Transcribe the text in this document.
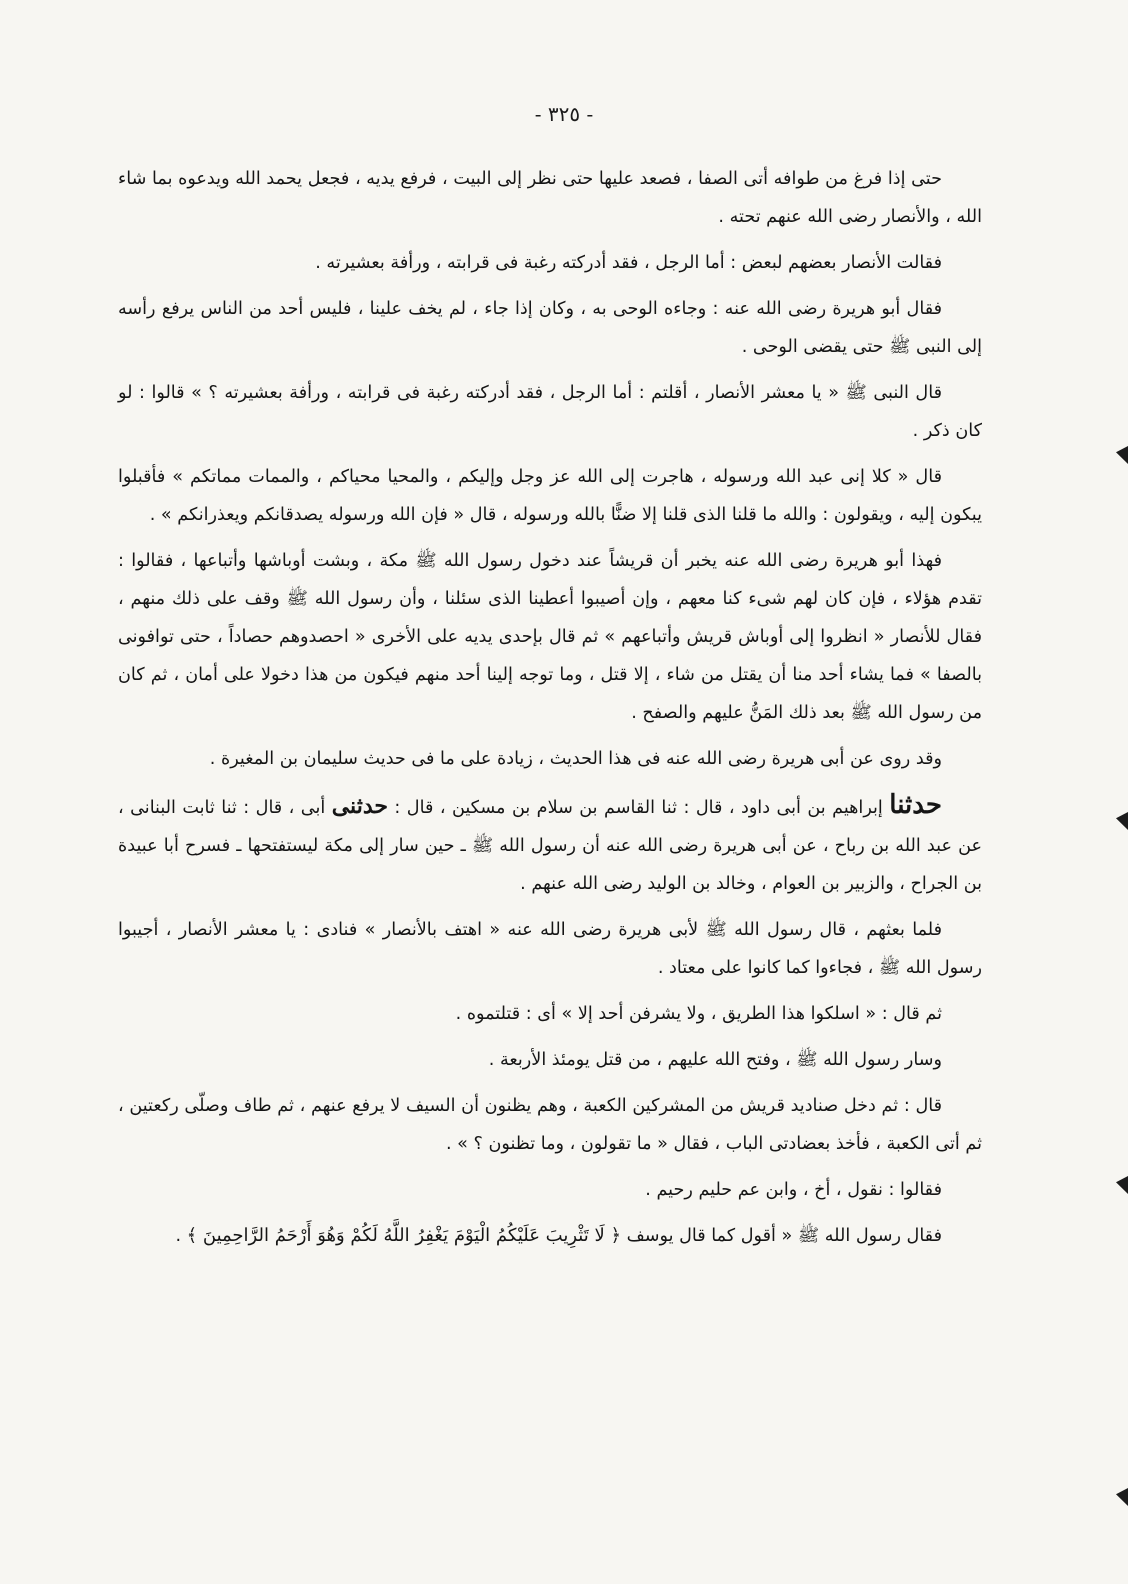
- ٣٢٥ -

حتى إذا فرغ من طوافه أتى الصفا ، فصعد عليها حتى نظر إلى البيت ، فرفع يديه ، فجعل يحمد الله ويدعوه بما شاء الله ، والأنصار رضى الله عنهم تحته .

فقالت الأنصار بعضهم لبعض : أما الرجل ، فقد أدركته رغبة فى قرابته ، ورأفة بعشيرته .

فقال أبو هريرة رضى الله عنه : وجاءه الوحى به ، وكان إذا جاء ، لم يخف علينا ، فليس أحد من الناس يرفع رأسه إلى النبى ﷺ حتى يقضى الوحى .

قال النبى ﷺ « يا معشر الأنصار ، أقلتم : أما الرجل ، فقد أدركته رغبة فى قرابته ، ورأفة بعشيرته ؟ » قالوا : لو كان ذكر .

قال « كلا إنى عبد الله ورسوله ، هاجرت إلى الله عز وجل وإليكم ، والمحيا محياكم ، والممات مماتكم » فأقبلوا يبكون إليه ، ويقولون : والله ما قلنا الذى قلنا إلا ضنًّا بالله ورسوله ، قال « فإن الله ورسوله يصدقانكم ويعذرانكم » .

فهذا أبو هريرة رضى الله عنه يخبر أن قريشاً عند دخول رسول الله ﷺ مكة ، وبشت أوباشها وأتباعها ، فقالوا : تقدم هؤلاء ، فإن كان لهم شىء كنا معهم ، وإن أصيبوا أعطينا الذى سئلنا ، وأن رسول الله ﷺ وقف على ذلك منهم ، فقال للأنصار « انظروا إلى أوباش قريش وأتباعهم » ثم قال بإحدى يديه على الأخرى « احصدوهم حصاداً ، حتى توافونى بالصفا » فما يشاء أحد منا أن يقتل من شاء ، إلا قتل ، وما توجه إلينا أحد منهم فيكون من هذا دخولا على أمان ، ثم كان من رسول الله ﷺ بعد ذلك المَنُّ عليهم والصفح .

وقد روى عن أبى هريرة رضى الله عنه فى هذا الحديث ، زيادة على ما فى حديث سليمان بن المغيرة .

حدثنا إبراهيم بن أبى داود ، قال : ثنا القاسم بن سلام بن مسكين ، قال : حدثنى أبى ، قال : ثنا ثابت البنانى ، عن عبد الله بن رباح ، عن أبى هريرة رضى الله عنه أن رسول الله ﷺ ـ حين سار إلى مكة ليستفتحها ـ فسرح أبا عبيدة بن الجراح ، والزبير بن العوام ، وخالد بن الوليد رضى الله عنهم .

فلما بعثهم ، قال رسول الله ﷺ لأبى هريرة رضى الله عنه « اهتف بالأنصار » فنادى : يا معشر الأنصار ، أجيبوا رسول الله ﷺ ، فجاءوا كما كانوا على معتاد .

ثم قال : « اسلكوا هذا الطريق ، ولا يشرفن أحد إلا » أى : قتلتموه .

وسار رسول الله ﷺ ، وفتح الله عليهم ، من قتل يومئذ الأربعة .

قال : ثم دخل صناديد قريش من المشركين الكعبة ، وهم يظنون أن السيف لا يرفع عنهم ، ثم طاف وصلّى ركعتين ، ثم أتى الكعبة ، فأخذ بعضادتى الباب ، فقال « ما تقولون ، وما تظنون ؟ » .

فقالوا : نقول ، أخ ، وابن عم حليم رحيم .

فقال رسول الله ﷺ « أقول كما قال يوسف ﴿ لَا تَثْرِيبَ عَلَيْكُمُ الْيَوْمَ يَغْفِرُ اللَّهُ لَكُمْ وَهُوَ أَرْحَمُ الرَّاحِمِينَ ﴾ .
